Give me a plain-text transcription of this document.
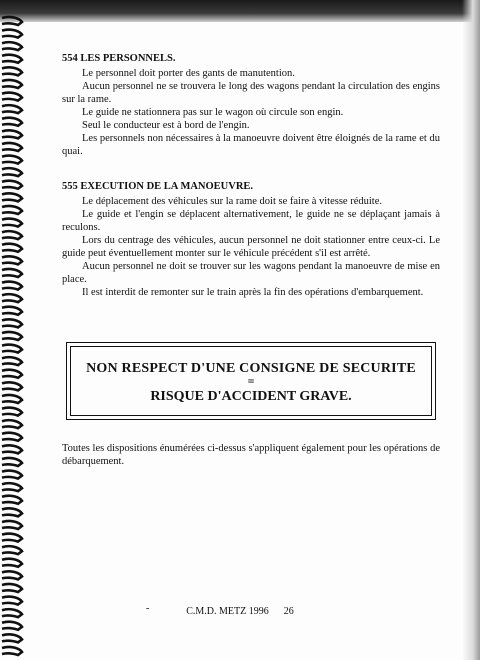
554 LES PERSONNELS.

Le personnel doit porter des gants de manutention.

Aucun personnel ne se trouvera le long des wagons pendant la circulation des engins sur la rame.

Le guide ne stationnera pas sur le wagon où circule son engin.

Seul le conducteur est à bord de l'engin.

Les personnels non nécessaires à la manoeuvre doivent être éloignés de la rame et du quai.

555 EXECUTION DE LA MANOEUVRE.

Le déplacement des véhicules sur la rame doit se faire à vitesse réduite.

Le guide et l'engin se déplacent alternativement, le guide ne se déplaçant jamais à reculons.

Lors du centrage des véhicules, aucun personnel ne doit stationner entre ceux-ci. Le guide peut éventuellement monter sur le véhicule précédent s'il est arrêté.

Aucun personnel ne doit se trouver sur les wagons pendant la manoeuvre de mise en place.

Il est interdit de remonter sur le train après la fin des opérations d'embarquement.

NON RESPECT D'UNE CONSIGNE DE SECURITE
=
RISQUE D'ACCIDENT GRAVE.

Toutes les dispositions énumérées ci-dessus s'appliquent également pour les opérations de débarquement.

-	C.M.D. METZ 1996 26
